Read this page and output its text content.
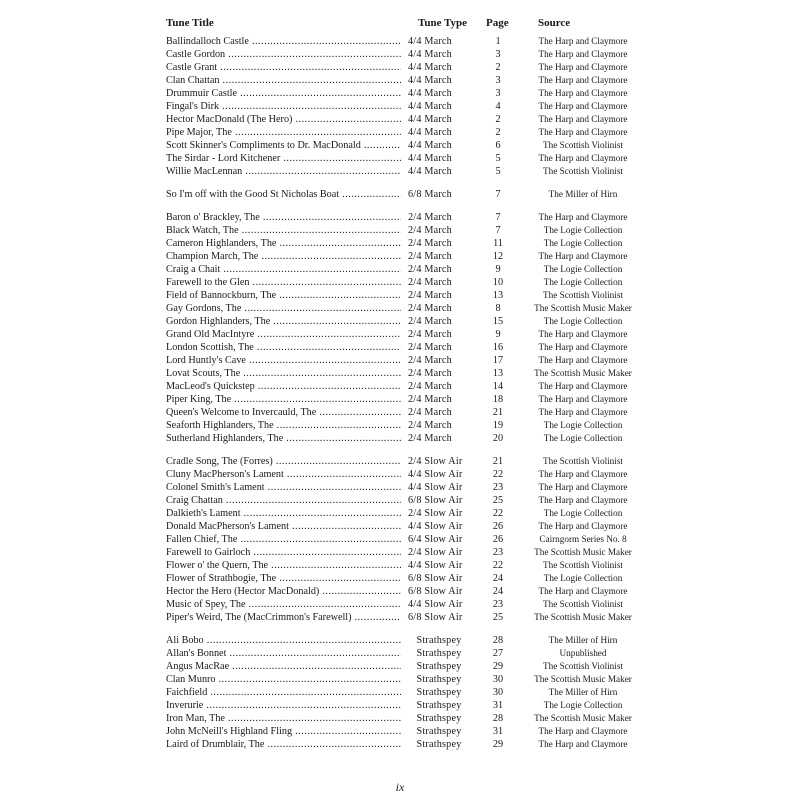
Tune Title	Tune Type Page	Source
Ballindalloch Castle .....	4/4 March	1	The Harp and Claymore
Castle Gordon .....	4/4 March	3	The Harp and Claymore
Castle Grant .....	4/4 March	2	The Harp and Claymore
Clan Chattan .....	4/4 March	3	The Harp and Claymore
Drummuir Castle .....	4/4 March	3	The Harp and Claymore
Fingal's Dirk .....	4/4 March	4	The Harp and Claymore
Hector MacDonald (The Hero) .....	4/4 March	2	The Harp and Claymore
Pipe Major, The .....	4/4 March	2	The Harp and Claymore
Scott Skinner's Compliments to Dr. MacDonald .....	4/4 March	6	The Scottish Violinist
The Sirdar - Lord Kitchener .....	4/4 March	5	The Harp and Claymore
Willie MacLennan .....	4/4 March	5	The Scottish Violinist
So I'm off with the Good St Nicholas Boat .....	6/8 March	7	The Miller of Hirn
Baron o' Brackley, The .....	2/4 March	7	The Harp and Claymore
Black Watch, The .....	2/4 March	7	The Logie Collection
Cameron Highlanders, The .....	2/4 March	11	The Logie Collection
Champion March, The .....	2/4 March	12	The Harp and Claymore
Craig a Chait .....	2/4 March	9	The Logie Collection
Farewell to the Glen .....	2/4 March	10	The Logie Collection
Field of Bannockburn, The .....	2/4 March	13	The Scottish Violinist
Gay Gordons, The .....	2/4 March	8	The Scottish Music Maker
Gordon Highlanders, The .....	2/4 March	15	The Logie Collection
Grand Old MacIntyre .....	2/4 March	9	The Harp and Claymore
London Scottish, The .....	2/4 March	16	The Harp and Claymore
Lord Huntly's Cave .....	2/4 March	17	The Harp and Claymore
Lovat Scouts, The .....	2/4 March	13	The Scottish Music Maker
MacLeod's Quickstep .....	2/4 March	14	The Harp and Claymore
Piper King, The .....	2/4 March	18	The Harp and Claymore
Queen's Welcome to Invercauld, The .....	2/4 March	21	The Harp and Claymore
Seaforth Highlanders, The .....	2/4 March	19	The Logie Collection
Sutherland Highlanders, The .....	2/4 March	20	The Logie Collection
Cradle Song, The (Forres) .....	2/4 Slow Air	21	The Scottish Violinist
Cluny MacPherson's Lament .....	4/4 Slow Air	22	The Harp and Claymore
Colonel Smith's Lament .....	4/4 Slow Air	23	The Harp and Claymore
Craig Chattan .....	6/8 Slow Air	25	The Harp and Claymore
Dalkieth's Lament .....	2/4 Slow Air	22	The Logie Collection
Donald MacPherson's Lament .....	4/4 Slow Air	26	The Harp and Claymore
Fallen Chief, The .....	6/4 Slow Air	26	Cairngorm Series No. 8
Farewell to Gairloch .....	2/4 Slow Air	23	The Scottish Music Maker
Flower o' the Quern, The .....	4/4 Slow Air	22	The Scottish Violinist
Flower of Strathbogie, The .....	6/8 Slow Air	24	The Logie Collection
Hector the Hero (Hector MacDonald) .....	6/8 Slow Air	24	The Harp and Claymore
Music of Spey, The .....	4/4 Slow Air	23	The Scottish Violinist
Piper's Weird, The (MacCrimmon's Farewell) .....	6/8 Slow Air	25	The Scottish Music Maker
Ali Bobo .....	Strathspey	28	The Miller of Hirn
Allan's Bonnet .....	Strathspey	27	Unpublished
Angus MacRae .....	Strathspey	29	The Scottish Violinist
Clan Munro .....	Strathspey	30	The Scottish Music Maker
Faichfield .....	Strathspey	30	The Miller of Hirn
Inverurie .....	Strathspey	31	The Logie Collection
Iron Man, The .....	Strathspey	28	The Scottish Music Maker
John McNeill's Highland Fling .....	Strathspey	31	The Harp and Claymore
Laird of Drumblair, The .....	Strathspey	29	The Harp and Claymore
ix
